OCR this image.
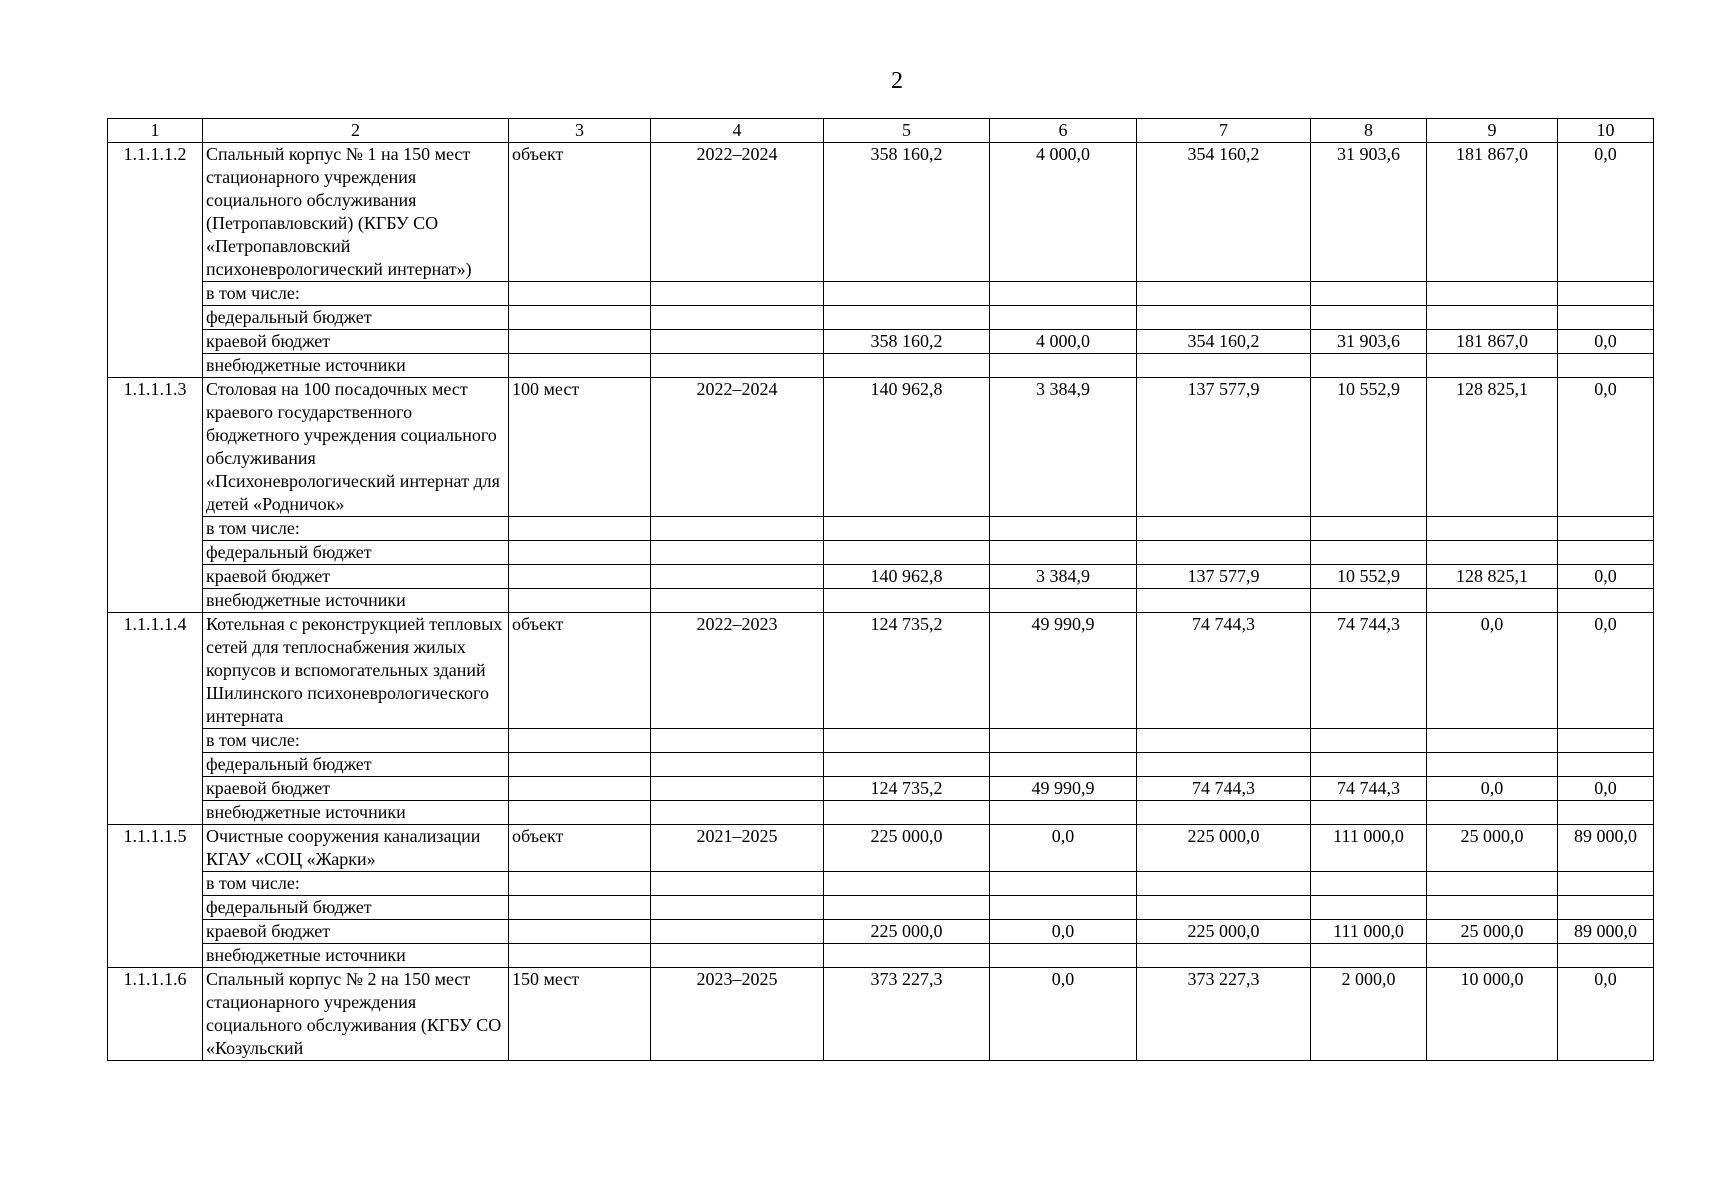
2
1	2	3	4	5	6	7	8	9	10
1.1.1.1.2	Спальный корпус № 1 на 150 мест стационарного учреждения социального обслуживания (Петропавловский) (КГБУ СО «Петропавловский психоневрологический интернат»)	объект	2022–2024	358 160,2	4 000,0	354 160,2	31 903,6	181 867,0	0,0
	в том числе:								
	федеральный бюджет								
	краевой бюджет			358 160,2	4 000,0	354 160,2	31 903,6	181 867,0	0,0
	внебюджетные источники								
1.1.1.1.3	Столовая на 100 посадочных мест краевого государственного бюджетного учреждения социального обслуживания «Психоневрологический интернат для детей «Родничок»	100 мест	2022–2024	140 962,8	3 384,9	137 577,9	10 552,9	128 825,1	0,0
	в том числе:								
	федеральный бюджет								
	краевой бюджет			140 962,8	3 384,9	137 577,9	10 552,9	128 825,1	0,0
	внебюджетные источники								
1.1.1.1.4	Котельная с реконструкцией тепловых сетей для теплоснабжения жилых корпусов и вспомогательных зданий Шилинского психоневрологического интерната	объект	2022–2023	124 735,2	49 990,9	74 744,3	74 744,3	0,0	0,0
	в том числе:								
	федеральный бюджет								
	краевой бюджет			124 735,2	49 990,9	74 744,3	74 744,3	0,0	0,0
	внебюджетные источники								
1.1.1.1.5	Очистные сооружения канализации КГАУ «СОЦ «Жарки»	объект	2021–2025	225 000,0	0,0	225 000,0	111 000,0	25 000,0	89 000,0
	в том числе:								
	федеральный бюджет								
	краевой бюджет			225 000,0	0,0	225 000,0	111 000,0	25 000,0	89 000,0
	внебюджетные источники								
1.1.1.1.6	Спальный корпус № 2 на 150 мест стационарного учреждения социального обслуживания (КГБУ СО «Козульский	150 мест	2023–2025	373 227,3	0,0	373 227,3	2 000,0	10 000,0	0,0
